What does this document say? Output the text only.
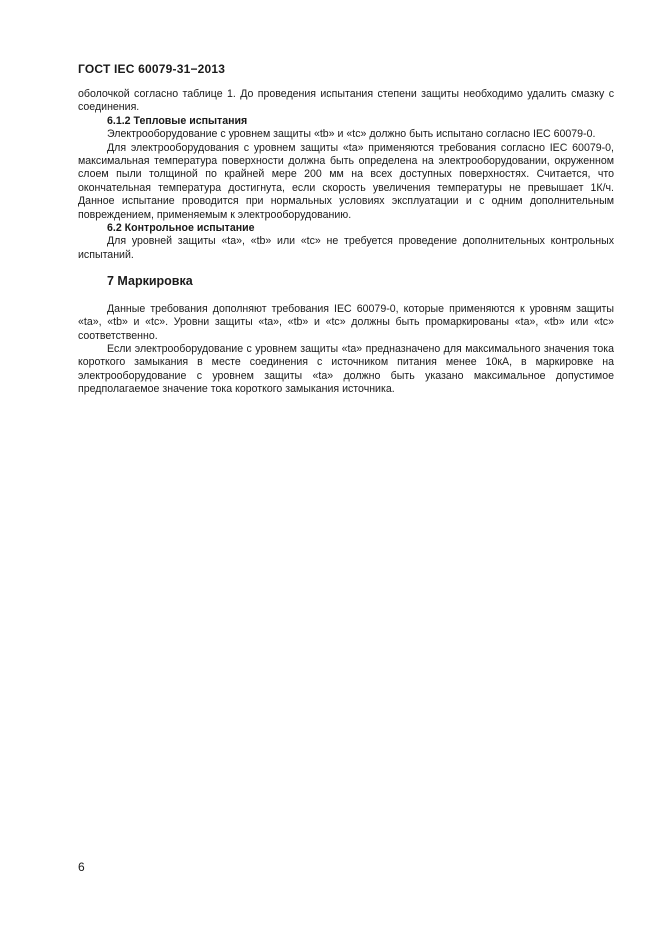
ГОСТ IEC 60079-31−2013

оболочкой согласно таблице 1. До проведения испытания степени защиты необходимо удалить смазку с соединения.

6.1.2 Тепловые испытания

Электрооборудование с уровнем защиты «tb» и «tc» должно быть испытано согласно IEC 60079-0.

Для электрооборудования с уровнем защиты «ta» применяются требования согласно IEC 60079-0, максимальная температура поверхности должна быть определена на электрооборудовании, окруженном слоем пыли толщиной по крайней мере 200 мм на всех доступных поверхностях. Считается, что окончательная температура достигнута, если скорость увеличения температуры не превышает 1К/ч. Данное испытание проводится при нормальных условиях эксплуатации и с одним дополнительным повреждением, применяемым к электрооборудованию.

6.2 Контрольное испытание

Для уровней защиты «ta», «tb» или «tc» не требуется проведение дополнительных контрольных испытаний.

7 Маркировка

Данные требования дополняют требования IEC 60079-0, которые применяются к уровням защиты «ta», «tb» и «tc». Уровни защиты «ta», «tb» и «tc» должны быть промаркированы «ta», «tb» или «tc» соответственно.

Если электрооборудование с уровнем защиты «ta» предназначено для максимального значения тока короткого замыкания в месте соединения с источником питания менее 10кА, в маркировке на электрооборудование с уровнем защиты «ta» должно быть указано максимальное допустимое предполагаемое значение тока короткого замыкания источника.

6
